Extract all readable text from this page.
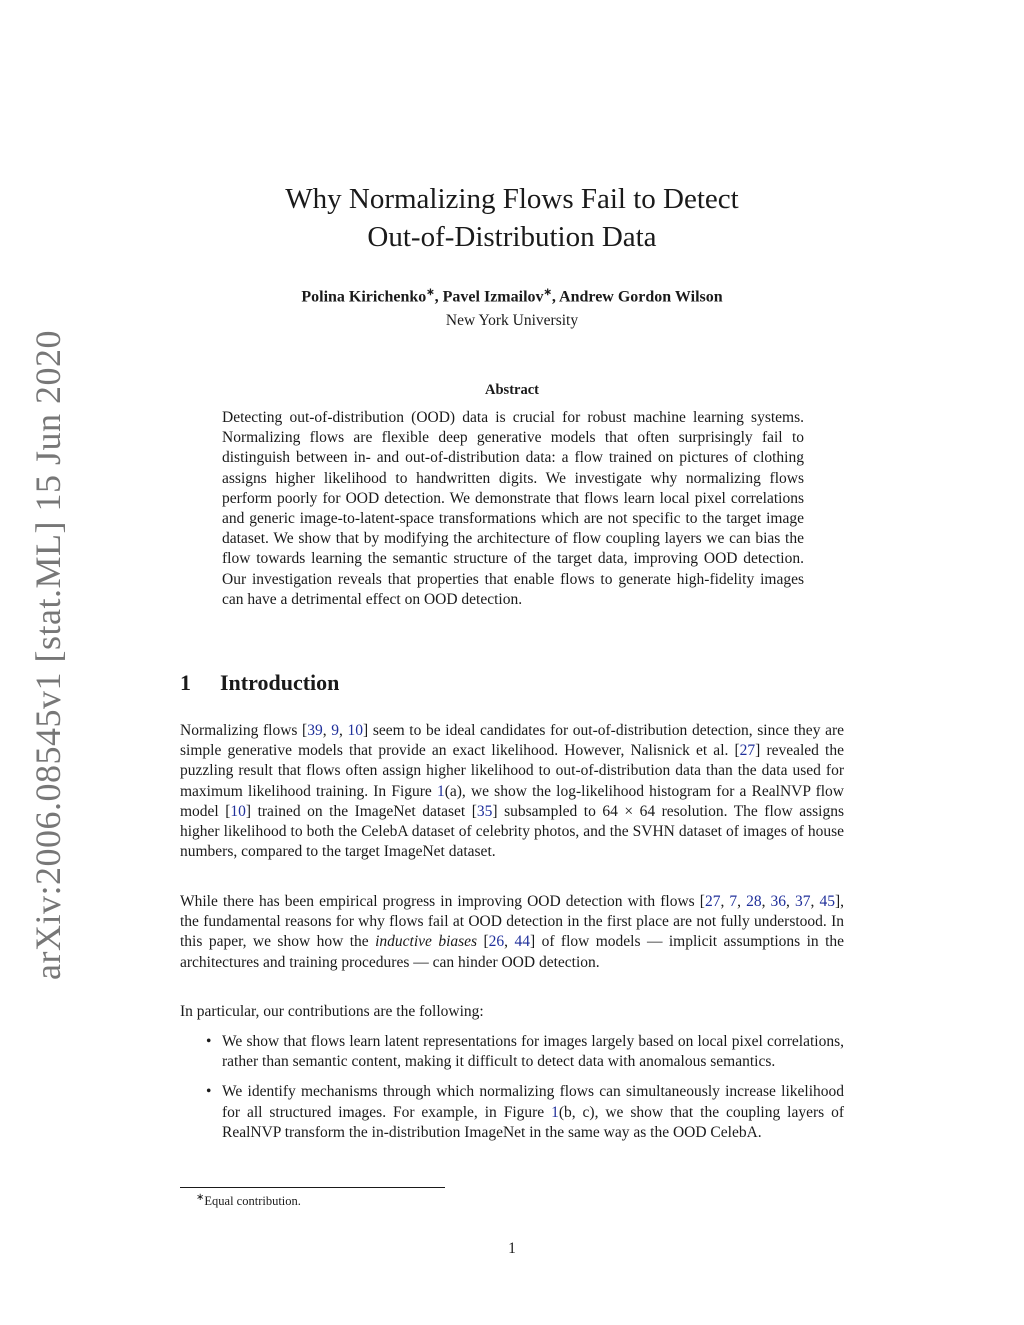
arXiv:2006.08545v1 [stat.ML] 15 Jun 2020
Why Normalizing Flows Fail to Detect
Out-of-Distribution Data
Polina Kirichenko∗, Pavel Izmailov∗, Andrew Gordon Wilson
New York University
Abstract
Detecting out-of-distribution (OOD) data is crucial for robust machine learning systems. Normalizing flows are flexible deep generative models that often surprisingly fail to distinguish between in- and out-of-distribution data: a flow trained on pictures of clothing assigns higher likelihood to handwritten digits. We investigate why normalizing flows perform poorly for OOD detection. We demonstrate that flows learn local pixel correlations and generic image-to-latent-space transformations which are not specific to the target image dataset. We show that by modifying the architecture of flow coupling layers we can bias the flow towards learning the semantic structure of the target data, improving OOD detection. Our investigation reveals that properties that enable flows to generate high-fidelity images can have a detrimental effect on OOD detection.
1 Introduction
Normalizing flows [39, 9, 10] seem to be ideal candidates for out-of-distribution detection, since they are simple generative models that provide an exact likelihood. However, Nalisnick et al. [27] revealed the puzzling result that flows often assign higher likelihood to out-of-distribution data than the data used for maximum likelihood training. In Figure 1(a), we show the log-likelihood histogram for a RealNVP flow model [10] trained on the ImageNet dataset [35] subsampled to 64 × 64 resolution. The flow assigns higher likelihood to both the CelebA dataset of celebrity photos, and the SVHN dataset of images of house numbers, compared to the target ImageNet dataset.
While there has been empirical progress in improving OOD detection with flows [27, 7, 28, 36, 37, 45], the fundamental reasons for why flows fail at OOD detection in the first place are not fully understood. In this paper, we show how the inductive biases [26, 44] of flow models — implicit assumptions in the architectures and training procedures — can hinder OOD detection.
In particular, our contributions are the following:
• We show that flows learn latent representations for images largely based on local pixel correlations, rather than semantic content, making it difficult to detect data with anomalous semantics.
• We identify mechanisms through which normalizing flows can simultaneously increase likelihood for all structured images. For example, in Figure 1(b, c), we show that the coupling layers of RealNVP transform the in-distribution ImageNet in the same way as the OOD CelebA.
∗Equal contribution.
1
